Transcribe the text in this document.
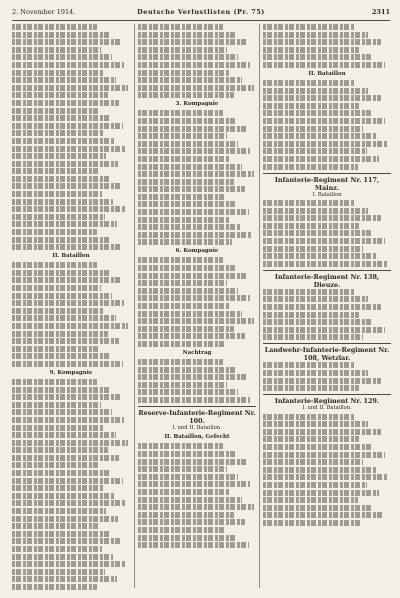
2. November 1914.	Deutsche Verlustlisten (Pr. 75)	2311
II. Bataillon
9. Kompagnie
3. Kompagnie
6. Kompagnie
Nachtrag
Reserve-Infanterie-Regiment Nr. 100.
I. und II. Bataillon.
II. Bataillon, Gefecht
II. Bataillon
Infanterie-Regiment Nr. 117, Mainz.
I. Bataillon
Infanterie-Regiment Nr. 138, Dieuze.
Landwehr-Infanterie-Regiment Nr. 108, Wetzlar.
Infanterie-Regiment Nr. 129.
I. und II. Bataillon.
